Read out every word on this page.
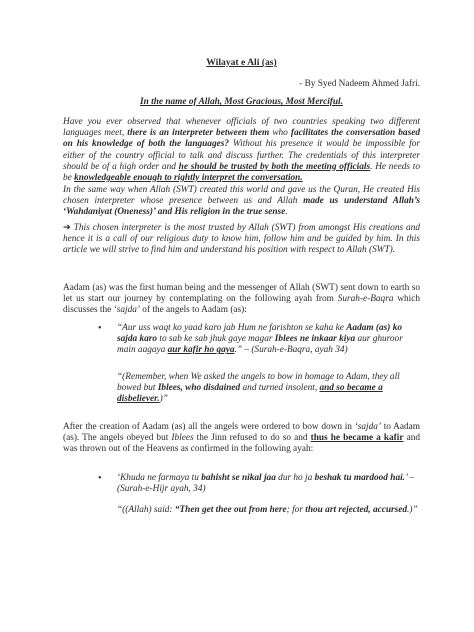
Wilayat e Ali (as)
- By Syed Nadeem Ahmed Jafri.
In the name of Allah, Most Gracious, Most Merciful.

Have you ever observed that whenever officials of two countries speaking two different languages meet, there is an interpreter between them who facilitates the conversation based on his knowledge of both the languages? Without his presence it would be impossible for either of the country official to talk and discuss further. The credentials of this interpreter should be of a high order and he should be trusted by both the meeting officials. He needs to be knowledgeable enough to rightly interpret the conversation.

In the same way when Allah (SWT) created this world and gave us the Quran, He created His chosen interpreter whose presence between us and Allah made us understand Allah’s ‘Wahdaniyat (Oneness)’ and His religion in the true sense.

➔ This chosen interpreter is the most trusted by Allah (SWT) from amongst His creations and hence it is a call of our religious duty to know him, follow him and be guided by him. In this article we will strive to find him and understand his position with respect to Allah (SWT).

Aadam (as) was the first human being and the messenger of Allah (SWT) sent down to earth so let us start our journey by contemplating on the following ayah from Surah-e-Baqra which discusses the ‘sajda’ of the angels to Aadam (as):

• “Aur uss waqt ko yaad karo jab Hum ne farishton se kaha ke Aadam (as) ko sajda karo to sab ke sab jhuk gaye magar Iblees ne inkaar kiya aur ghuroor main aagaya aur kafir ho gaya.” – (Surah-e-Baqra, ayah 34)

“(Remember, when We asked the angels to bow in homage to Adam, they all bowed but Iblees, who disdained and turned insolent, and so became a disbeliever.)”

After the creation of Aadam (as) all the angels were ordered to bow down in ‘sajda’ to Aadam (as). The angels obeyed but Iblees the Jinn refused to do so and thus he became a kafir and was thrown out of the Heavens as confirmed in the following ayah:

• ‘Khuda ne farmaya tu bahisht se nikal jaa dur ho ja beshak tu mardood hai.’ – (Surah-e-Hijr ayah, 34)

“((Allah) said: “Then get thee out from here; for thou art rejected, accursed.)”
